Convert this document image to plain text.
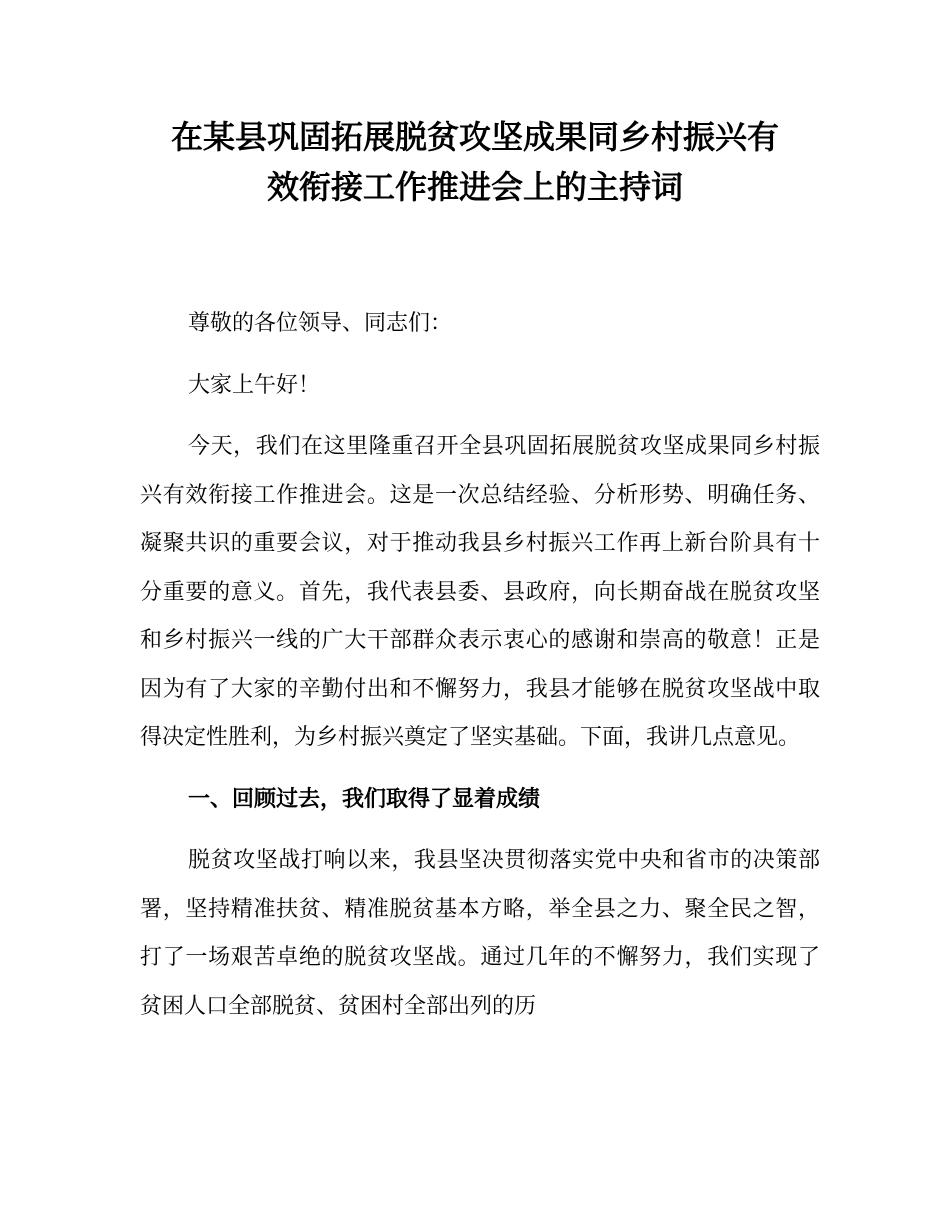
在某县巩固拓展脱贫攻坚成果同乡村振兴有
效衔接工作推进会上的主持词

尊敬的各位领导、同志们：

大家上午好！

今天，我们在这里隆重召开全县巩固拓展脱贫攻坚成果同乡村振兴有效衔接工作推进会。这是一次总结经验、分析形势、明确任务、凝聚共识的重要会议，对于推动我县乡村振兴工作再上新台阶具有十分重要的意义。首先，我代表县委、县政府，向长期奋战在脱贫攻坚和乡村振兴一线的广大干部群众表示衷心的感谢和崇高的敬意！正是因为有了大家的辛勤付出和不懈努力，我县才能够在脱贫攻坚战中取得决定性胜利，为乡村振兴奠定了坚实基础。下面，我讲几点意见。

一、回顾过去，我们取得了显着成绩

脱贫攻坚战打响以来，我县坚决贯彻落实党中央和省市的决策部署，坚持精准扶贫、精准脱贫基本方略，举全县之力、聚全民之智，打了一场艰苦卓绝的脱贫攻坚战。通过几年的不懈努力，我们实现了贫困人口全部脱贫、贫困村全部出列的历
